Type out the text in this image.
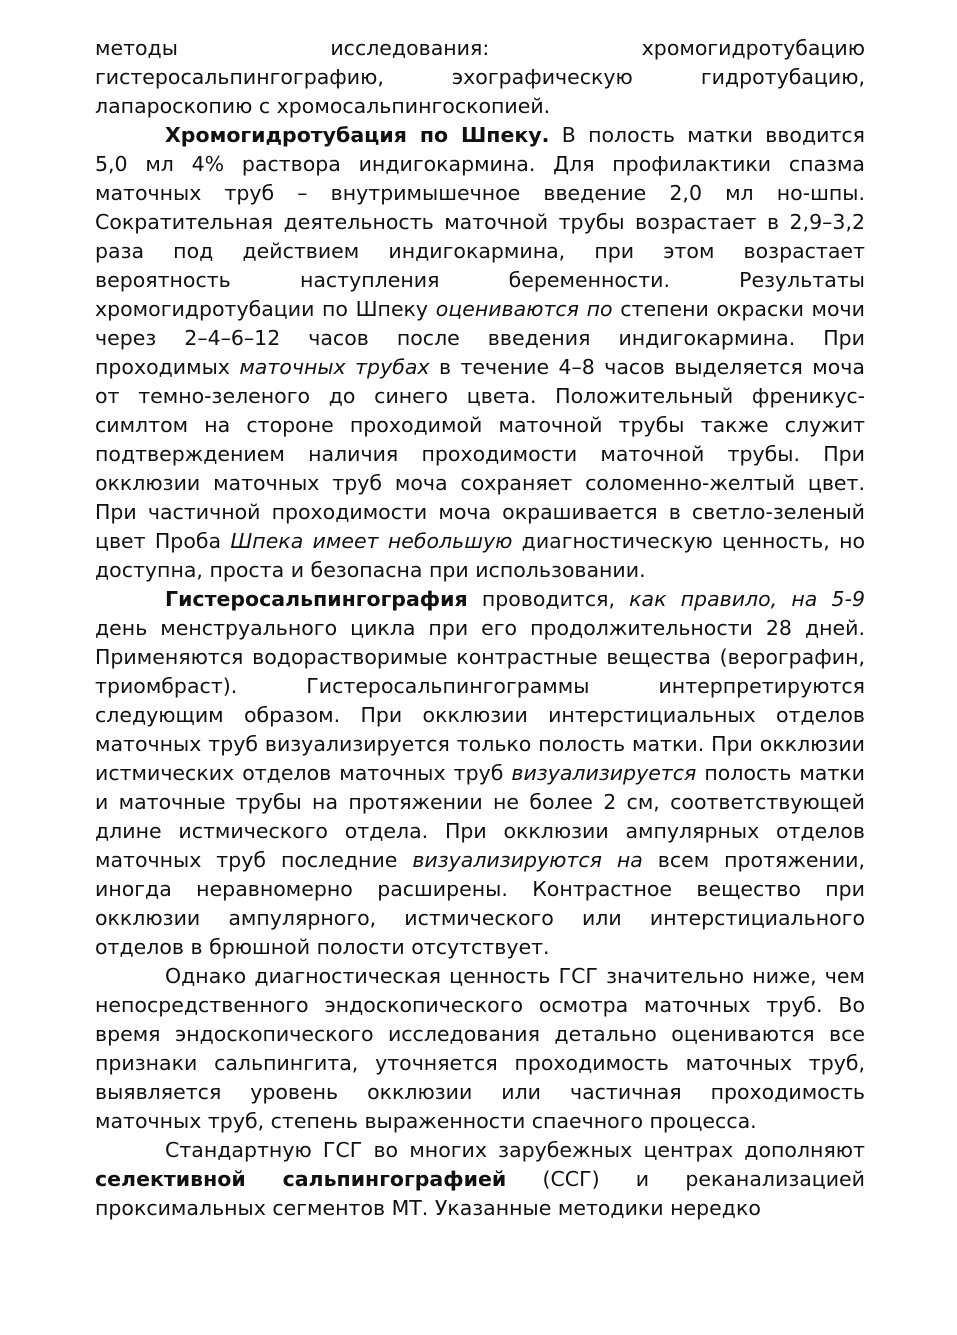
методы исследования: хромогидротубацию гистеросальпингографию, эхографическую гидротубацию, лапароскопию с хромосальпингоскопией.

Хромогидротубация по Шпеку. В полость матки вводится 5,0 мл 4% раствора индигокармина. Для профилактики спазма маточных труб – внутримышечное введение 2,0 мл но-шпы. Сократительная деятельность маточной трубы возрастает в 2,9–3,2 раза под действием индигокармина, при этом возрастает вероятность наступления беременности. Результаты хромогидротубации по Шпеку оцениваются по степени окраски мочи через 2–4–6–12 часов после введения индигокармина. При проходимых маточных трубах в течение 4–8 часов выделяется моча от темно-зеленого до синего цвета. Положительный френикус-симлтом на стороне проходимой маточной трубы также служит подтверждением наличия проходимости маточной трубы. При окклюзии маточных труб моча сохраняет соломенно-желтый цвет. При частичной проходимости моча окрашивается в светло-зеленый цвет Проба Шпека имеет небольшую диагностическую ценность, но доступна, проста и безопасна при использовании.

Гистеросальпингография проводится, как правило, на 5-9 день менструального цикла при его продолжительности 28 дней. Применяются водорастворимые контрастные вещества (верографин, триомбраст). Гистеросальпингограммы интерпретируются следующим образом. При окклюзии интерстициальных отделов маточных труб визуализируется только полость матки. При окклюзии истмических отделов маточных труб визуализируется полость матки и маточные трубы на протяжении не более 2 см, соответствующей длине истмического отдела. При окклюзии ампулярных отделов маточных труб последние визуализируются на всем протяжении, иногда неравномерно расширены. Контрастное вещество при окклюзии ампулярного, истмического или интерстициального отделов в брюшной полости отсутствует.

Однако диагностическая ценность ГСГ значительно ниже, чем непосредственного эндоскопического осмотра маточных труб. Во время эндоскопического исследования детально оцениваются все признаки сальпингита, уточняется проходимость маточных труб, выявляется уровень окклюзии или частичная проходимость маточных труб, степень выраженности спаечного процесса.

Стандартную ГСГ во многих зарубежных центрах дополняют селективной сальпингографией (ССГ) и реканализацией проксимальных сегментов МТ. Указанные методики нередко
